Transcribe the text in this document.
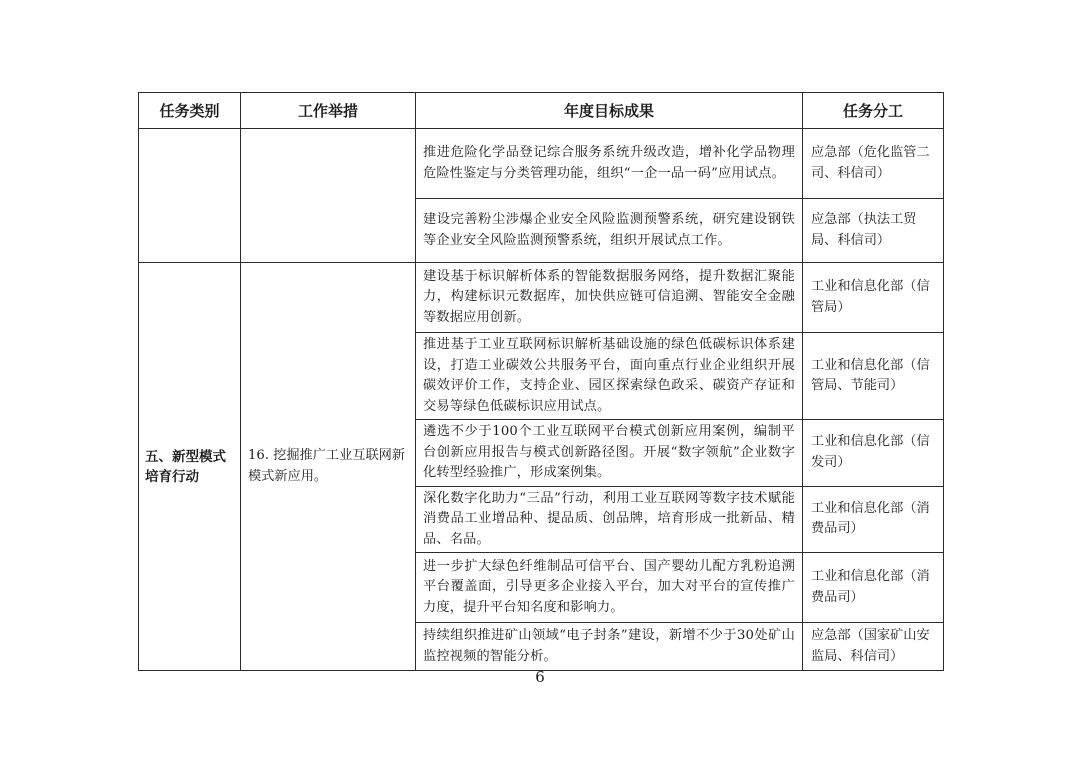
任务类别	工作举措	年度目标成果	任务分工
		推进危险化学品登记综合服务系统升级改造，增补化学品物理危险性鉴定与分类管理功能，组织“一企一品一码”应用试点。	应急部（危化监管二司、科信司）
		建设完善粉尘涉爆企业安全风险监测预警系统，研究建设钢铁等企业安全风险监测预警系统，组织开展试点工作。	应急部（执法工贸局、科信司）
五、新型模式培育行动	16. 挖掘推广工业互联网新模式新应用。	建设基于标识解析体系的智能数据服务网络，提升数据汇聚能力，构建标识元数据库，加快供应链可信追溯、智能安全金融等数据应用创新。	工业和信息化部（信管局）
		推进基于工业互联网标识解析基础设施的绿色低碳标识体系建设，打造工业碳效公共服务平台，面向重点行业企业组织开展碳效评价工作，支持企业、园区探索绿色政采、碳资产存证和交易等绿色低碳标识应用试点。	工业和信息化部（信管局、节能司）
		遴选不少于100个工业互联网平台模式创新应用案例，编制平台创新应用报告与模式创新路径图。开展“数字领航”企业数字化转型经验推广，形成案例集。	工业和信息化部（信发司）
		深化数字化助力“三品”行动，利用工业互联网等数字技术赋能消费品工业增品种、提品质、创品牌，培育形成一批新品、精品、名品。	工业和信息化部（消费品司）
		进一步扩大绿色纤维制品可信平台、国产婴幼儿配方乳粉追溯平台覆盖面，引导更多企业接入平台，加大对平台的宣传推广力度，提升平台知名度和影响力。	工业和信息化部（消费品司）
		持续组织推进矿山领域“电子封条”建设，新增不少于30处矿山监控视频的智能分析。	应急部（国家矿山安监局、科信司）
6
